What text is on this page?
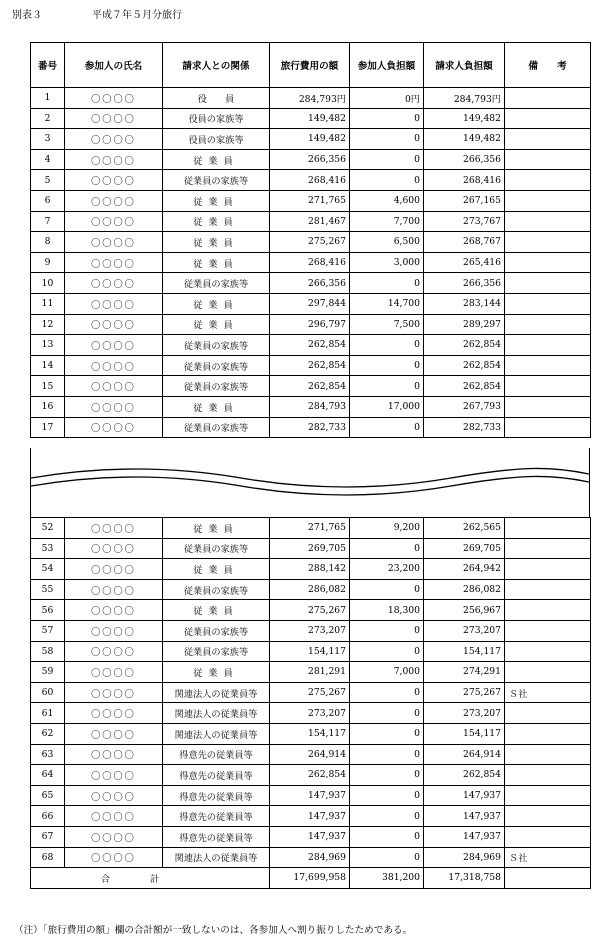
別表３	平成７年５月分旅行
番号	参加人の氏名	請求人との関係	旅行費用の額	参加人負担額	請求人負担額	備　　考
1	〇〇〇〇	役　　員	284,793円	0円	284,793円	
2	〇〇〇〇	役員の家族等	149,482	0	149,482	
3	〇〇〇〇	役員の家族等	149,482	0	149,482	
4	〇〇〇〇	従業員	266,356	0	266,356	
5	〇〇〇〇	従業員の家族等	268,416	0	268,416	
6	〇〇〇〇	従業員	271,765	4,600	267,165	
7	〇〇〇〇	従業員	281,467	7,700	273,767	
8	〇〇〇〇	従業員	275,267	6,500	268,767	
9	〇〇〇〇	従業員	268,416	3,000	265,416	
10	〇〇〇〇	従業員の家族等	266,356	0	266,356	
11	〇〇〇〇	従業員	297,844	14,700	283,144	
12	〇〇〇〇	従業員	296,797	7,500	289,297	
13	〇〇〇〇	従業員の家族等	262,854	0	262,854	
14	〇〇〇〇	従業員の家族等	262,854	0	262,854	
15	〇〇〇〇	従業員の家族等	262,854	0	262,854	
16	〇〇〇〇	従業員	284,793	17,000	267,793	
17	〇〇〇〇	従業員の家族等	282,733	0	282,733	
52	〇〇〇〇	従業員	271,765	9,200	262,565	
53	〇〇〇〇	従業員の家族等	269,705	0	269,705	
54	〇〇〇〇	従業員	288,142	23,200	264,942	
55	〇〇〇〇	従業員の家族等	286,082	0	286,082	
56	〇〇〇〇	従業員	275,267	18,300	256,967	
57	〇〇〇〇	従業員の家族等	273,207	0	273,207	
58	〇〇〇〇	従業員の家族等	154,117	0	154,117	
59	〇〇〇〇	従業員	281,291	7,000	274,291	
60	〇〇〇〇	関連法人の従業員等	275,267	0	275,267	Ｓ社
61	〇〇〇〇	関連法人の従業員等	273,207	0	273,207	
62	〇〇〇〇	関連法人の従業員等	154,117	0	154,117	
63	〇〇〇〇	得意先の従業員等	264,914	0	264,914	
64	〇〇〇〇	得意先の従業員等	262,854	0	262,854	
65	〇〇〇〇	得意先の従業員等	147,937	0	147,937	
66	〇〇〇〇	得意先の従業員等	147,937	0	147,937	
67	〇〇〇〇	得意先の従業員等	147,937	0	147,937	
68	〇〇〇〇	関連法人の従業員等	284,969	0	284,969	Ｓ社
合計			17,699,958	381,200	17,318,758	
（注）「旅行費用の額」欄の合計額が一致しないのは、各参加人へ割り振りしたためである。
